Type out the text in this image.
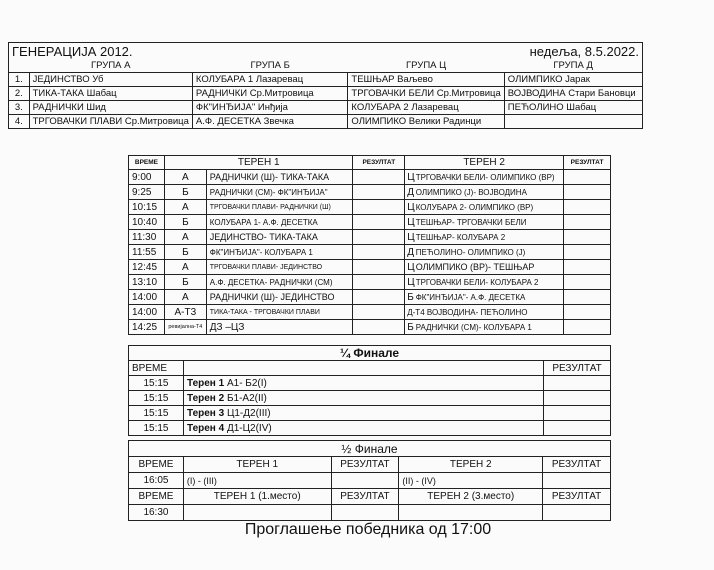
ГЕНЕРАЦИЈА 2012.			недеља, 8.5.2022.	
	ГРУПА А	ГРУПА Б	ГРУПА Ц	ГРУПА Д
1.	ЈЕДИНСТВО Уб	КОЛУБАРА 1 Лазаревац	ТЕШЊАР Ваљево	ОЛИМПИКО Јарак
2.	ТИКА-ТАКА Шабац	РАДНИЧКИ Ср.Митровица	ТРГОВАЧКИ БЕЛИ Ср.Митровица	ВОЈВОДИНА Стари Бановци
3.	РАДНИЧКИ Шид	ФК"ИНЂИЈА" Инђија	КОЛУБАРА 2 Лазаревац	ПЕЋОЛИНО Шабац
4.	ТРГОВАЧКИ ПЛАВИ Ср.Митровица	А.Ф. ДЕСЕТКА Звечка	ОЛИМПИКО Велики Радинци	
ВРЕМЕ	ТЕРЕН 1		РЕЗУЛТАТ	ТЕРЕН 2		РЕЗУЛТАТ
9:00	А	РАДНИЧКИ (Ш)- ТИКА-ТАКА		Ц	ТРГОВАЧКИ БЕЛИ- ОЛИМПИКО (ВР)	
9:25	Б	РАДНИЧКИ (СМ)- ФК"ИНЂИЈА"		Д	ОЛИМПИКО (Ј)- ВОЈВОДИНА	
10:15	А	ТРГОВАЧКИ ПЛАВИ- РАДНИЧКИ (Ш)		Ц	КОЛУБАРА 2- ОЛИМПИКО (ВР)	
10:40	Б	КОЛУБАРА 1- А.Ф. ДЕСЕТКА		Ц	ТЕШЊАР- ТРГОВАЧКИ БЕЛИ	
11:30	А	ЈЕДИНСТВО- ТИКА-ТАКА		Ц	ТЕШЊАР- КОЛУБАРА 2	
11:55	Б	ФК"ИНЂИЈА"- КОЛУБАРА 1		Д	ПЕЋОЛИНО- ОЛИМПИКО (Ј)	
12:45	А	ТРГОВАЧКИ ПЛАВИ- ЈЕДИНСТВО		Ц	ОЛИМПИКО (ВР)- ТЕШЊАР	
13:10	Б	А.Ф. ДЕСЕТКА- РАДНИЧКИ (СМ)		Ц	ТРГОВАЧКИ БЕЛИ- КОЛУБАРА 2	
14:00	А	РАДНИЧКИ (Ш)- ЈЕДИНСТВО		Б	ФК"ИНЂИЈА"- А.Ф. ДЕСЕТКА	
14:00	А-Т3	ТИКА-ТАКА - ТРГОВАЧКИ ПЛАВИ		Д-Т4 ВОЈВОДИНА- ПЕЋОЛИНО		
14:25	ревијална-Т4	ДЗ –ЦЗ		Б	РАДНИЧКИ (СМ)- КОЛУБАРА 1	
¼ Финале		
ВРЕМЕ		РЕЗУЛТАТ
15:15	Терен 1 А1- Б2(I)	
15:15	Терен 2 Б1-А2(II)	
15:15	Терен 3 Ц1-Д2(III)	
15:15	Терен 4 Д1-Ц2(IV)	
½ Финале				
ВРЕМЕ	ТЕРЕН 1	РЕЗУЛТАТ	ТЕРЕН 2	РЕЗУЛТАТ
16:05	(I) - (III)		(II) - (IV)	
ВРЕМЕ	ТЕРЕН 1 (1.место)	РЕЗУЛТАТ	ТЕРЕН 2 (3.место)	РЕЗУЛТАТ
16:30				
Проглашење победника од 17:00
